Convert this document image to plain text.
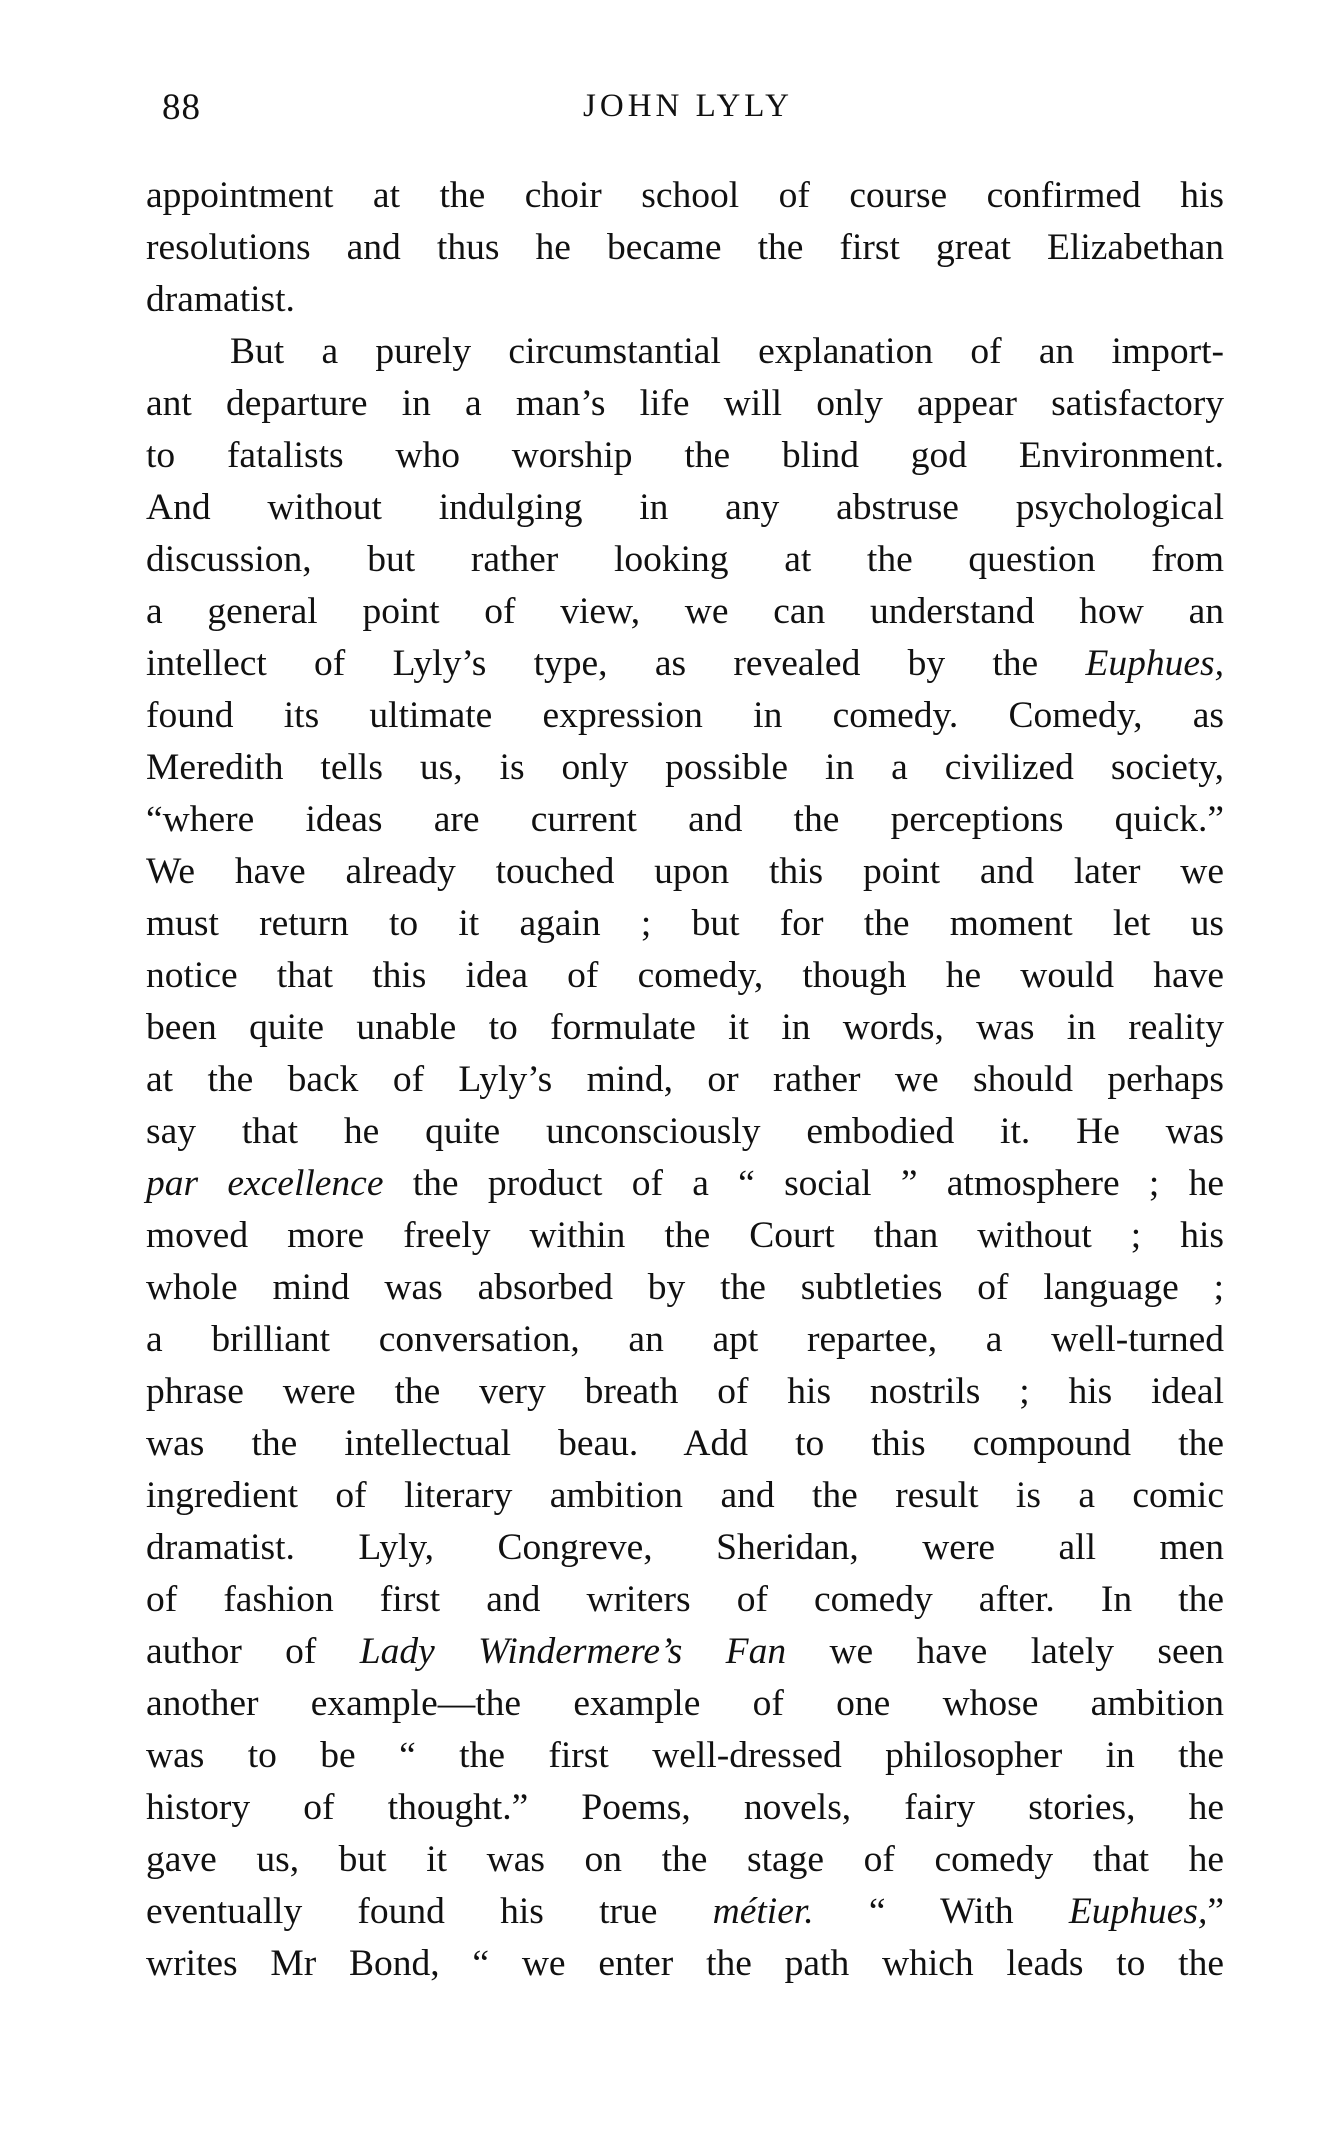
88	JOHN LYLY
appointment at the choir school of course confirmed his
resolutions and thus he became the first great Elizabethan
dramatist.
But a purely circumstantial explanation of an import-
ant departure in a man’s life will only appear satisfactory
to fatalists who worship the blind god Environment.
And without indulging in any abstruse psychological
discussion, but rather looking at the question from
a general point of view, we can understand how an
intellect of Lyly’s type, as revealed by the Euphues,
found its ultimate expression in comedy. Comedy, as
Meredith tells us, is only possible in a civilized society,
“where ideas are current and the perceptions quick.”
We have already touched upon this point and later we
must return to it again ; but for the moment let us
notice that this idea of comedy, though he would have
been quite unable to formulate it in words, was in reality
at the back of Lyly’s mind, or rather we should perhaps
say that he quite unconsciously embodied it. He was
par excellence the product of a “ social ” atmosphere ; he
moved more freely within the Court than without ; his
whole mind was absorbed by the subtleties of language ;
a brilliant conversation, an apt repartee, a well-turned
phrase were the very breath of his nostrils ; his ideal
was the intellectual beau. Add to this compound the
ingredient of literary ambition and the result is a comic
dramatist. Lyly, Congreve, Sheridan, were all men
of fashion first and writers of comedy after. In the
author of Lady Windermere’s Fan we have lately seen
another example—the example of one whose ambition
was to be “ the first well-dressed philosopher in the
history of thought.” Poems, novels, fairy stories, he
gave us, but it was on the stage of comedy that he
eventually found his true métier. “ With Euphues,”
writes Mr Bond, “ we enter the path which leads to the
